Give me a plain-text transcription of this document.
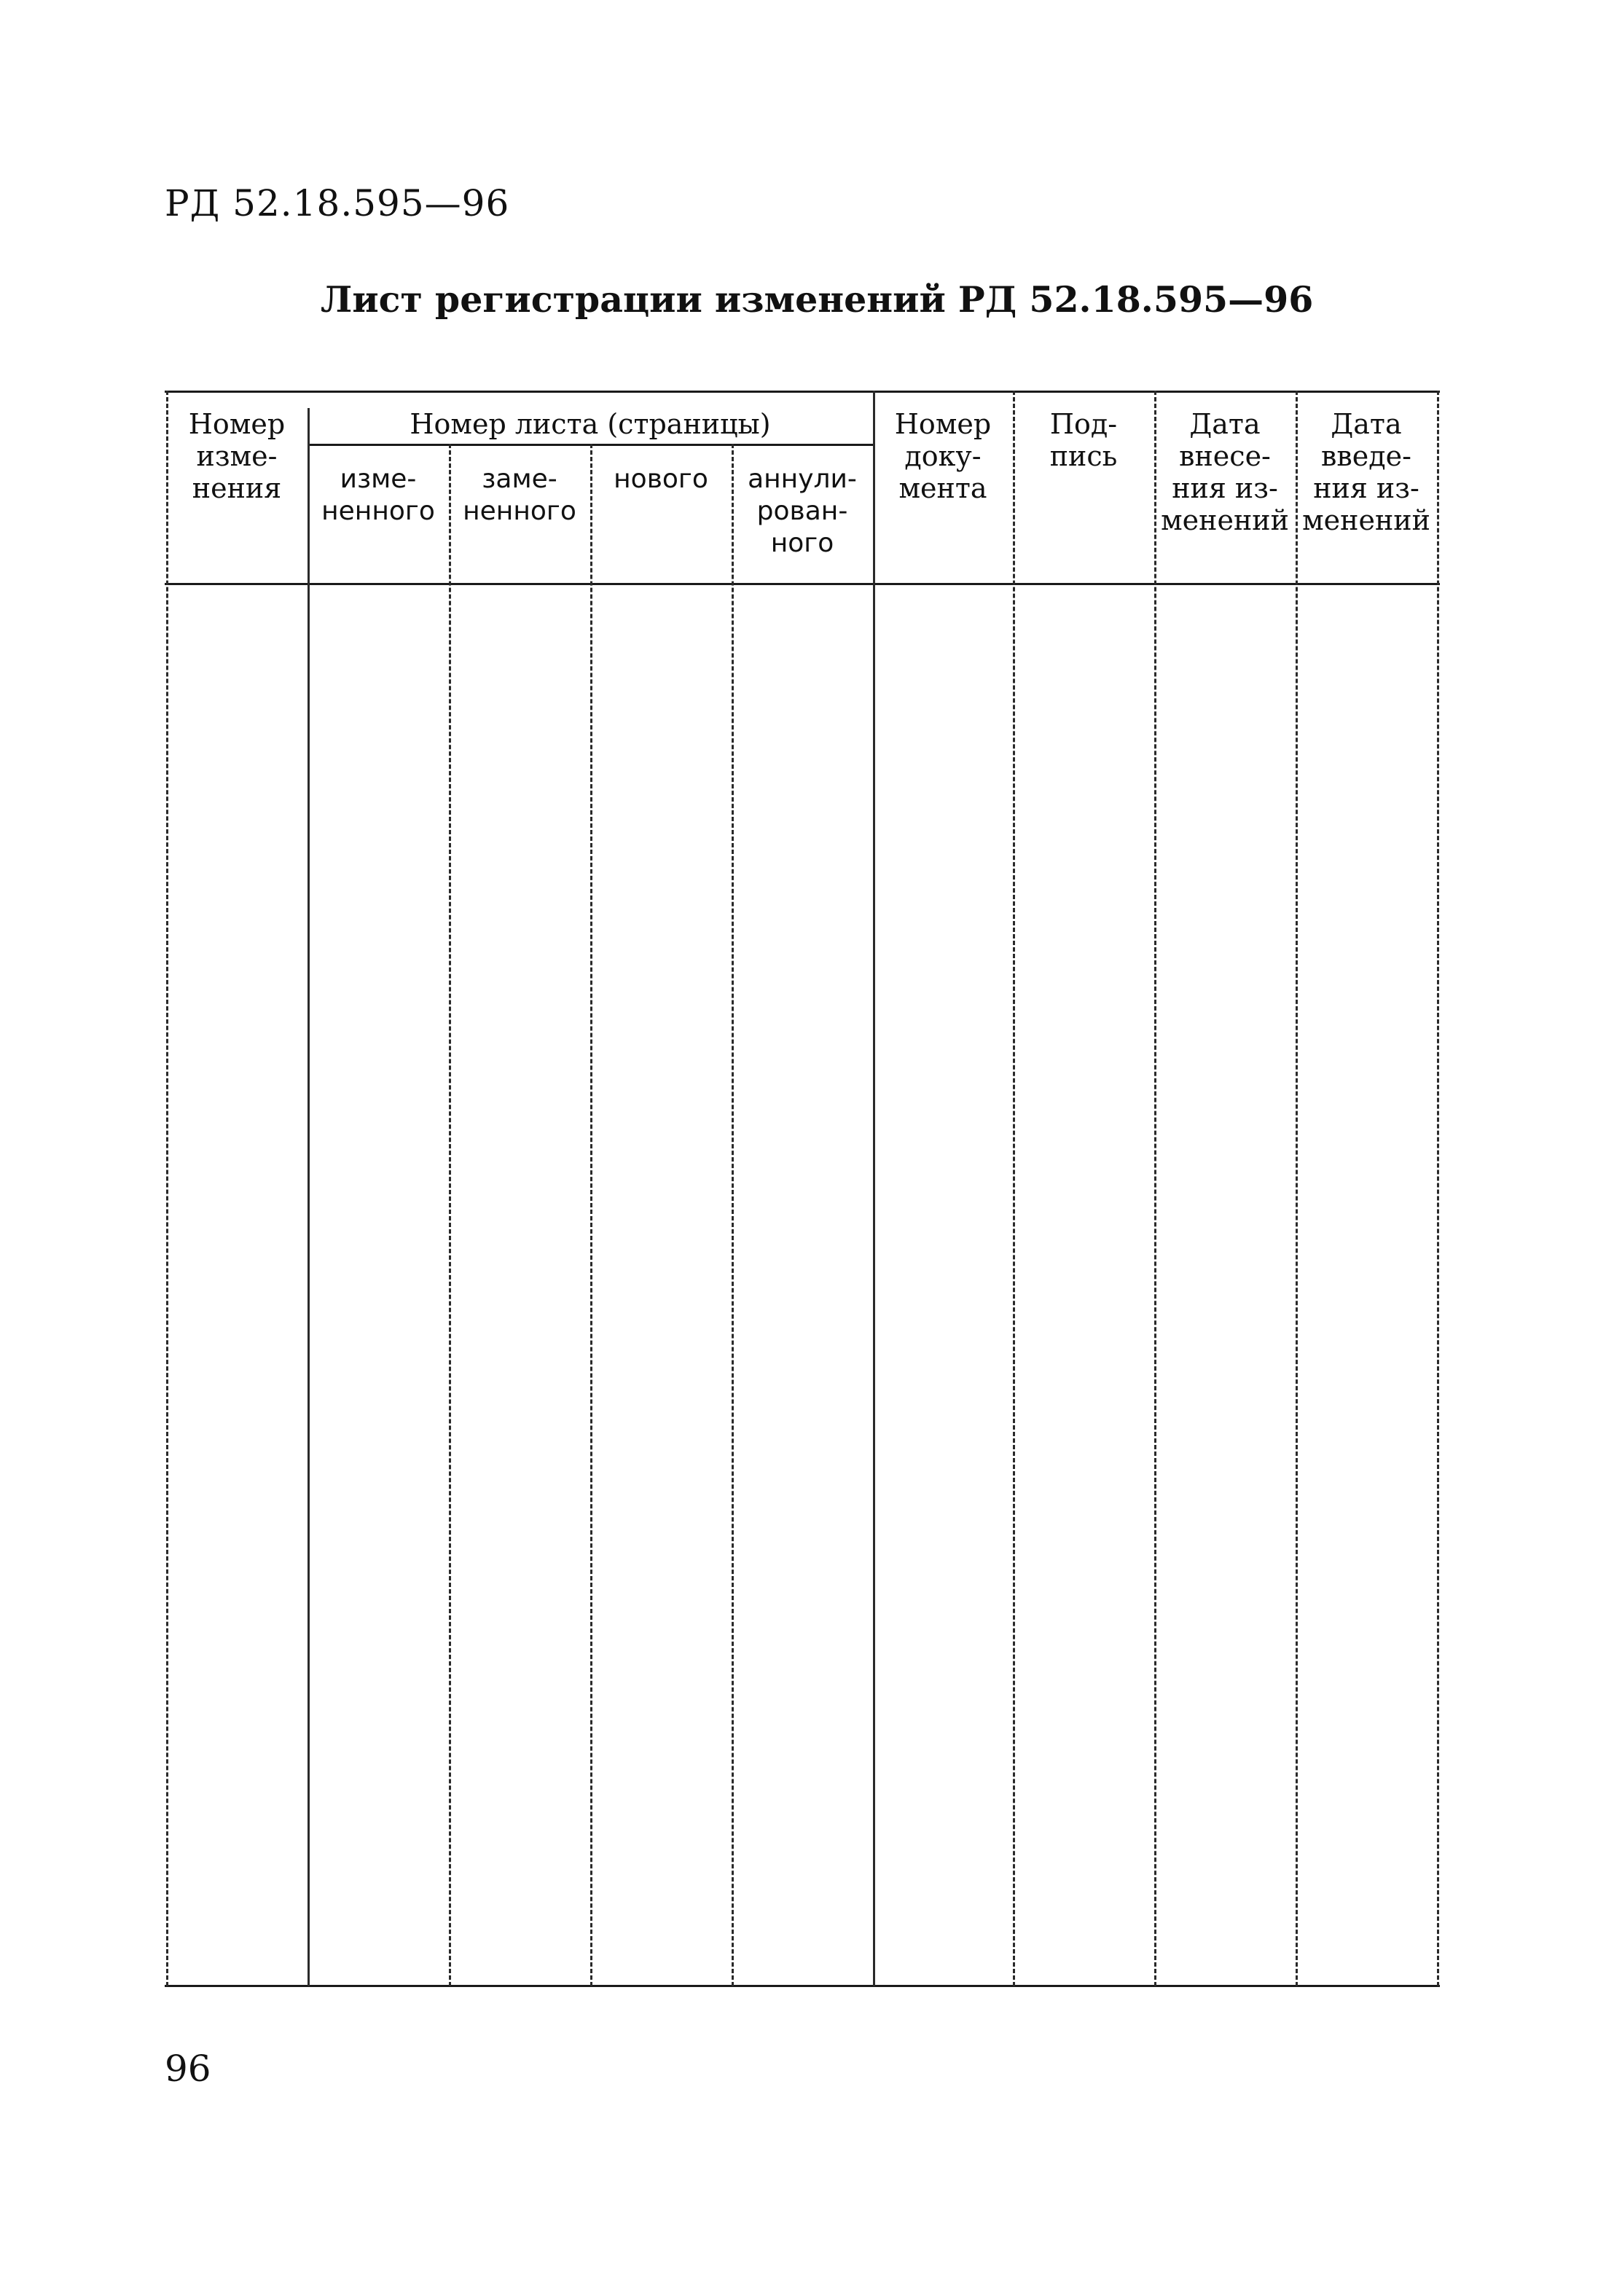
РД 52.18.595—96
Лист регистрации изменений РД 52.18.595—96
Номер
изме-
нения
Номер листа (страницы)
изме-
ненного
заме-
ненного
нового	аннули-
рован-
ного
Номер
доку-
мента
Под-
пись
Дата
внесе-
ния из-
менений
Дата
введе-
ния из-
менений
96
